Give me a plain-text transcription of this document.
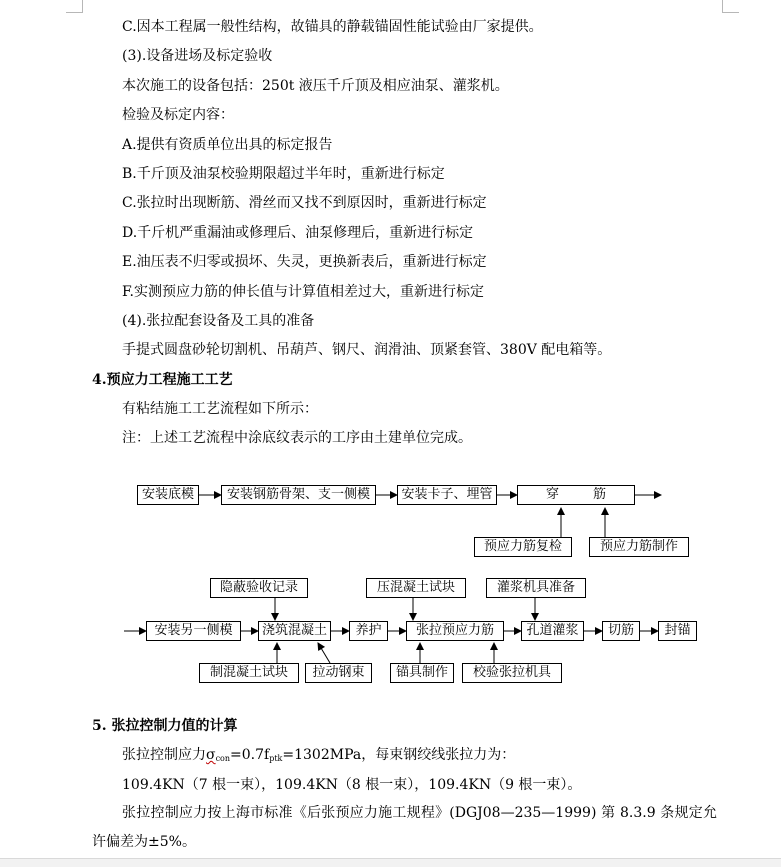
C.因本工程属一般性结构，故锚具的静载锚固性能试验由厂家提供。
(3).设备进场及标定验收
本次施工的设备包括：250t 液压千斤顶及相应油泵、灌浆机。
检验及标定内容：
A.提供有资质单位出具的标定报告
B.千斤顶及油泵校验期限超过半年时，重新进行标定
C.张拉时出现断筋、滑丝而又找不到原因时，重新进行标定
D.千斤机严重漏油或修理后、油泵修理后，重新进行标定
E.油压表不归零或损坏、失灵，更换新表后，重新进行标定
F.实测预应力筋的伸长值与计算值相差过大，重新进行标定
(4).张拉配套设备及工具的准备
手提式圆盘砂轮切割机、吊葫芦、钢尺、润滑油、顶紧套管、380V 配电箱等。
4.预应力工程施工工艺
有粘结施工工艺流程如下所示：
注：上述工艺流程中涂底纹表示的工序由土建单位完成。
安装底模	安装钢筋骨架、支一侧模	安装卡子、埋管	穿	筋
预应力筋复检	预应力筋制作
隐蔽验收记录	压混凝土试块	灌浆机具准备
安装另一侧模	浇筑混凝土	养护	张拉预应力筋	孔道灌浆	切筋	封锚
制混凝土试块	拉动钢束	锚具制作	校验张拉机具
5. 张拉控制力值的计算
张拉控制应力$\sigma_{con}=0.7f_{ptk}=1302MPa$，每束钢绞线张拉力为：
109.4KN（7 根一束），109.4KN（8 根一束），109.4KN（9 根一束）。
张拉控制应力按上海市标准《后张预应力施工规程》(DGJ08—235—1999) 第 8.3.9 条规定允许偏差为±5%。
